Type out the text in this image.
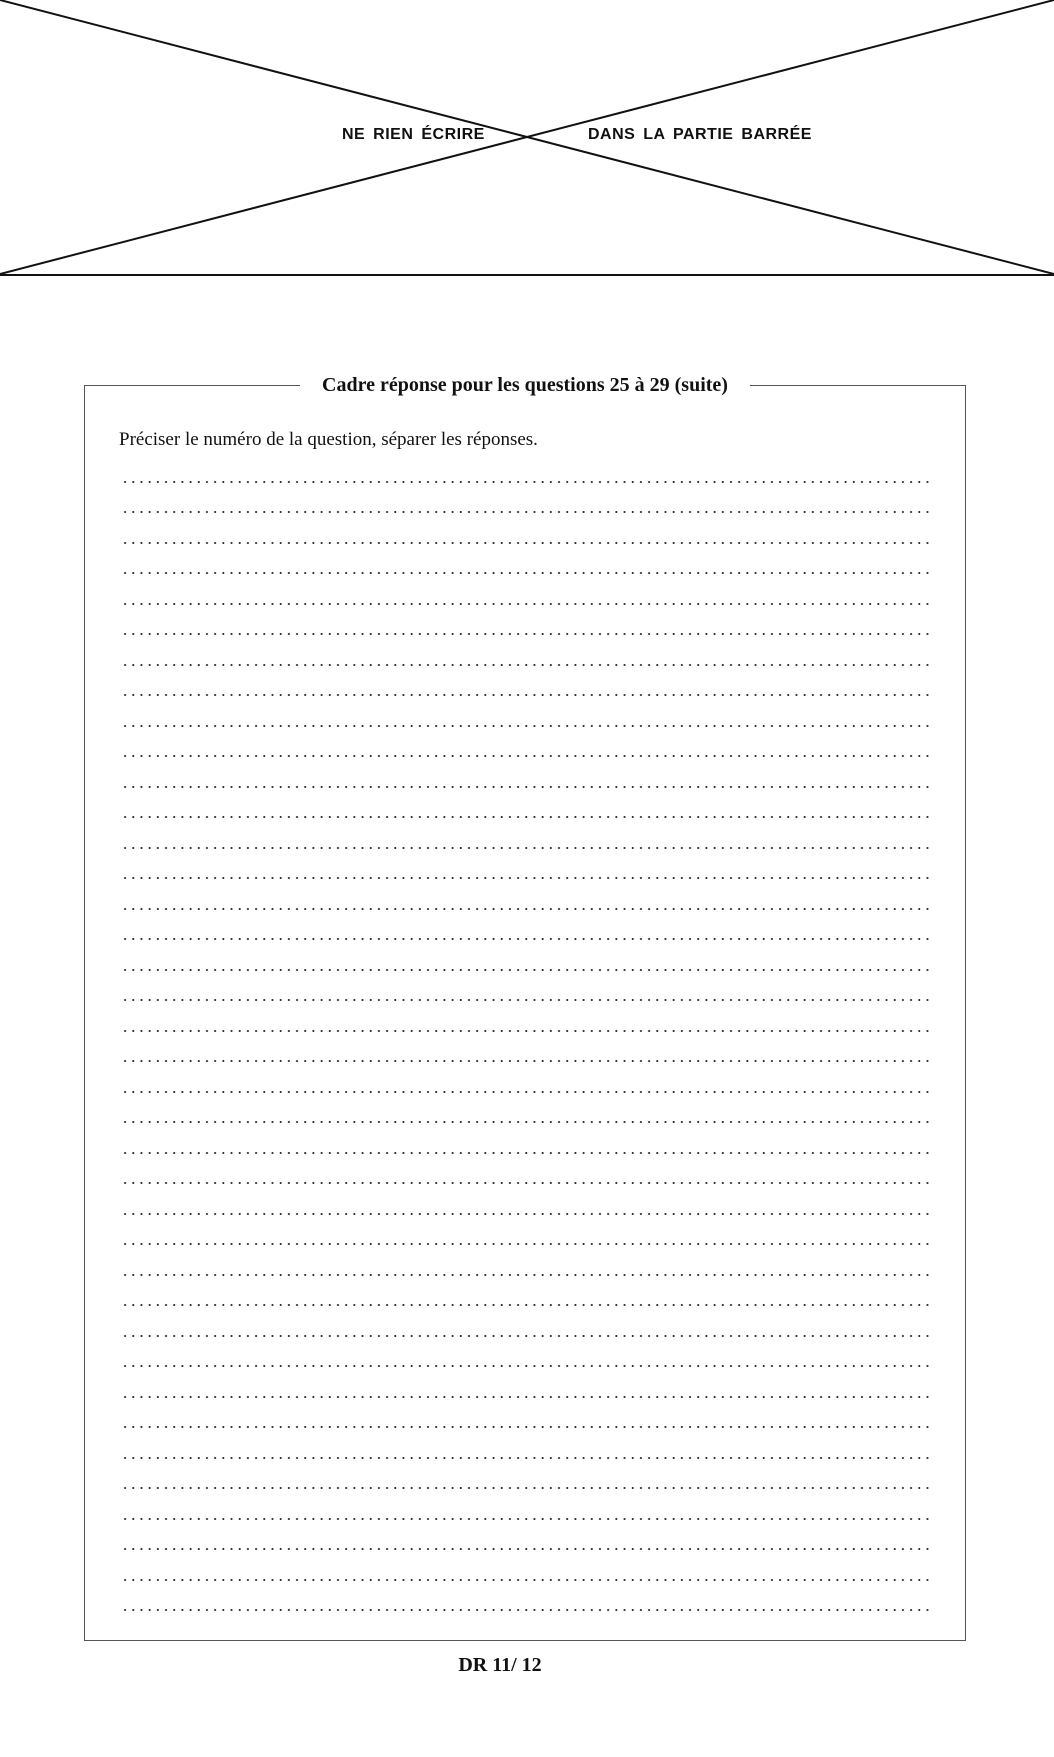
NE RIEN ÉCRIRE	DANS LA PARTIE BARRÉE
Cadre réponse pour les questions 25 à 29 (suite)
Préciser le numéro de la question, séparer les réponses.
DR 11/ 12
